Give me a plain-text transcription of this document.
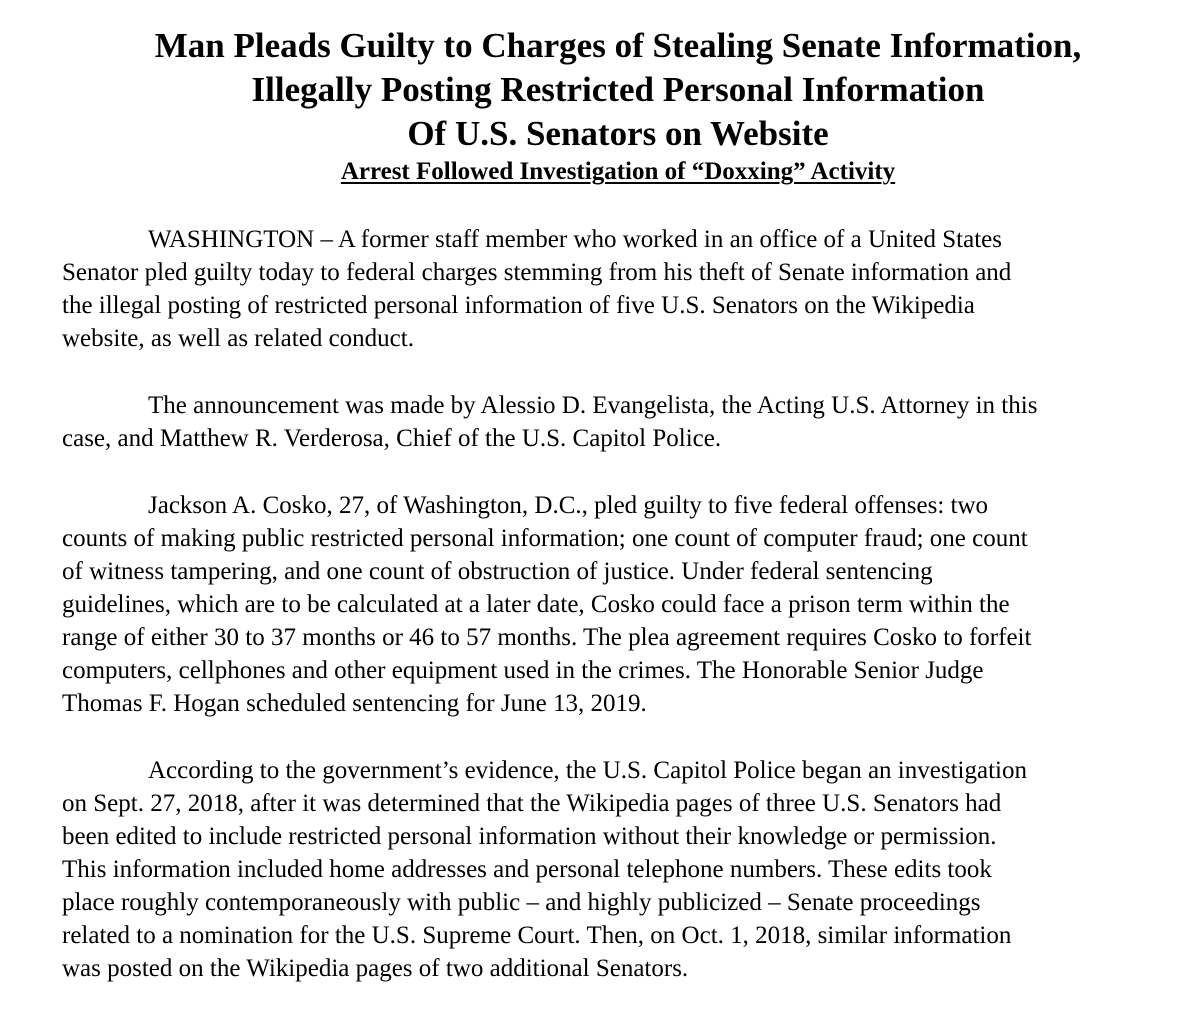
Man Pleads Guilty to Charges of Stealing Senate Information,

Illegally Posting Restricted Personal Information

Of U.S. Senators on Website

Arrest Followed Investigation of “Doxxing” Activity

WASHINGTON – A former staff member who worked in an office of a United States
Senator pled guilty today to federal charges stemming from his theft of Senate information and
the illegal posting of restricted personal information of five U.S. Senators on the Wikipedia
website, as well as related conduct.

The announcement was made by Alessio D. Evangelista, the Acting U.S. Attorney in this
case, and Matthew R. Verderosa, Chief of the U.S. Capitol Police.

Jackson A. Cosko, 27, of Washington, D.C., pled guilty to five federal offenses: two
counts of making public restricted personal information; one count of computer fraud; one count
of witness tampering, and one count of obstruction of justice. Under federal sentencing
guidelines, which are to be calculated at a later date, Cosko could face a prison term within the
range of either 30 to 37 months or 46 to 57 months. The plea agreement requires Cosko to forfeit
computers, cellphones and other equipment used in the crimes. The Honorable Senior Judge
Thomas F. Hogan scheduled sentencing for June 13, 2019.

According to the government’s evidence, the U.S. Capitol Police began an investigation
on Sept. 27, 2018, after it was determined that the Wikipedia pages of three U.S. Senators had
been edited to include restricted personal information without their knowledge or permission.
This information included home addresses and personal telephone numbers. These edits took
place roughly contemporaneously with public – and highly publicized – Senate proceedings
related to a nomination for the U.S. Supreme Court. Then, on Oct. 1, 2018, similar information
was posted on the Wikipedia pages of two additional Senators.
